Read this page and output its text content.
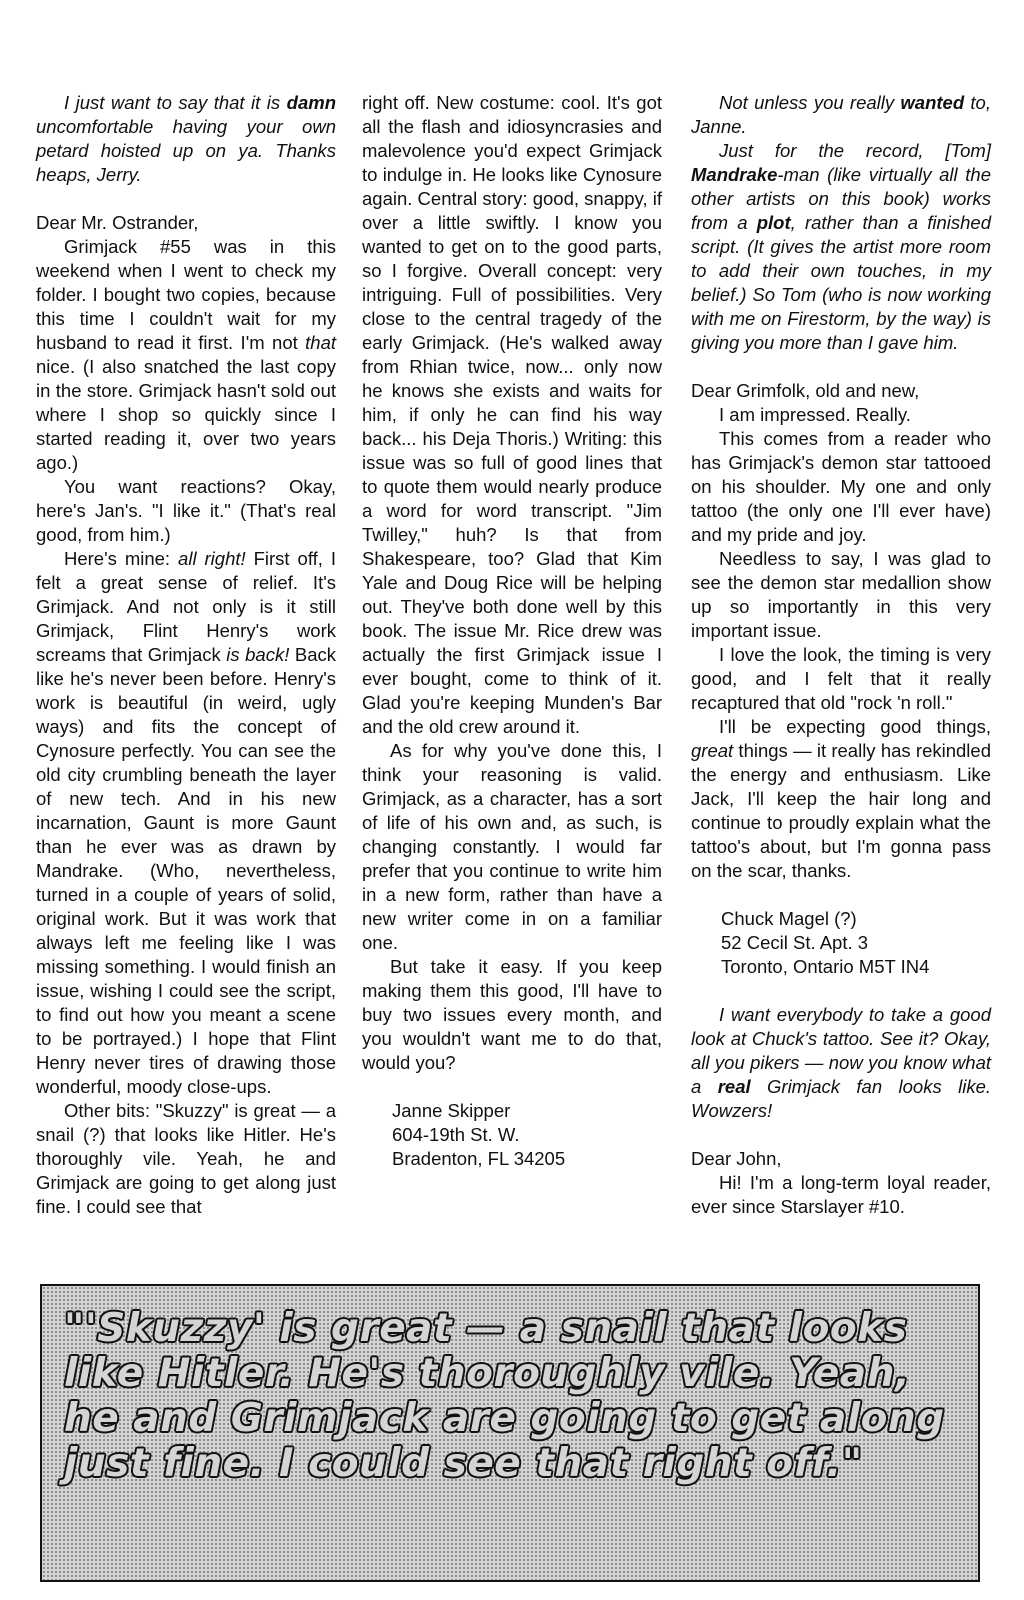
I just want to say that it is damn uncomfortable having your own petard hoisted up on ya. Thanks heaps, Jerry.

Dear Mr. Ostrander,

Grimjack #55 was in this weekend when I went to check my folder. I bought two copies, because this time I couldn't wait for my husband to read it first. I'm not that nice. (I also snatched the last copy in the store. Grimjack hasn't sold out where I shop so quickly since I started reading it, over two years ago.)

You want reactions? Okay, here's Jan's. "I like it." (That's real good, from him.)

Here's mine: all right! First off, I felt a great sense of relief. It's Grimjack. And not only is it still Grimjack, Flint Henry's work screams that Grimjack is back! Back like he's never been before. Henry's work is beautiful (in weird, ugly ways) and fits the concept of Cynosure perfectly. You can see the old city crumbling beneath the layer of new tech. And in his new incarnation, Gaunt is more Gaunt than he ever was as drawn by Mandrake. (Who, nevertheless, turned in a couple of years of solid, original work. But it was work that always left me feeling like I was missing something. I would finish an issue, wishing I could see the script, to find out how you meant a scene to be portrayed.) I hope that Flint Henry never tires of drawing those wonderful, moody close-ups.

Other bits: "Skuzzy" is great — a snail (?) that looks like Hitler. He's thoroughly vile. Yeah, he and Grimjack are going to get along just fine. I could see that

right off. New costume: cool. It's got all the flash and idiosyncrasies and malevolence you'd expect Grimjack to indulge in. He looks like Cynosure again. Central story: good, snappy, if over a little swiftly. I know you wanted to get on to the good parts, so I forgive. Overall concept: very intriguing. Full of possibilities. Very close to the central tragedy of the early Grimjack. (He's walked away from Rhian twice, now... only now he knows she exists and waits for him, if only he can find his way back... his Deja Thoris.) Writing: this issue was so full of good lines that to quote them would nearly produce a word for word transcript. "Jim Twilley," huh? Is that from Shakespeare, too? Glad that Kim Yale and Doug Rice will be helping out. They've both done well by this book. The issue Mr. Rice drew was actually the first Grimjack issue I ever bought, come to think of it. Glad you're keeping Munden's Bar and the old crew around it.

As for why you've done this, I think your reasoning is valid. Grimjack, as a character, has a sort of life of his own and, as such, is changing constantly. I would far prefer that you continue to write him in a new form, rather than have a new writer come in on a familiar one.

But take it easy. If you keep making them this good, I'll have to buy two issues every month, and you wouldn't want me to do that, would you?

Janne Skipper
604-19th St. W.
Bradenton, FL 34205

Not unless you really wanted to, Janne.

Just for the record, [Tom] Mandrake-man (like virtually all the other artists on this book) works from a plot, rather than a finished script. (It gives the artist more room to add their own touches, in my belief.) So Tom (who is now working with me on Firestorm, by the way) is giving you more than I gave him.

Dear Grimfolk, old and new,

I am impressed. Really.

This comes from a reader who has Grimjack's demon star tattooed on his shoulder. My one and only tattoo (the only one I'll ever have) and my pride and joy.

Needless to say, I was glad to see the demon star medallion show up so importantly in this very important issue.

I love the look, the timing is very good, and I felt that it really recaptured that old "rock 'n roll."

I'll be expecting good things, great things — it really has rekindled the energy and enthusiasm. Like Jack, I'll keep the hair long and continue to proudly explain what the tattoo's about, but I'm gonna pass on the scar, thanks.

Chuck Magel (?)
52 Cecil St. Apt. 3
Toronto, Ontario M5T IN4

I want everybody to take a good look at Chuck's tattoo. See it? Okay, all you pikers — now you know what a real Grimjack fan looks like. Wowzers!

Dear John,

Hi! I'm a long-term loyal reader, ever since Starslayer #10.

"'Skuzzy' is great — a snail that looks like Hitler. He's thoroughly vile. Yeah, he and Grimjack are going to get along just fine. I could see that right off."
